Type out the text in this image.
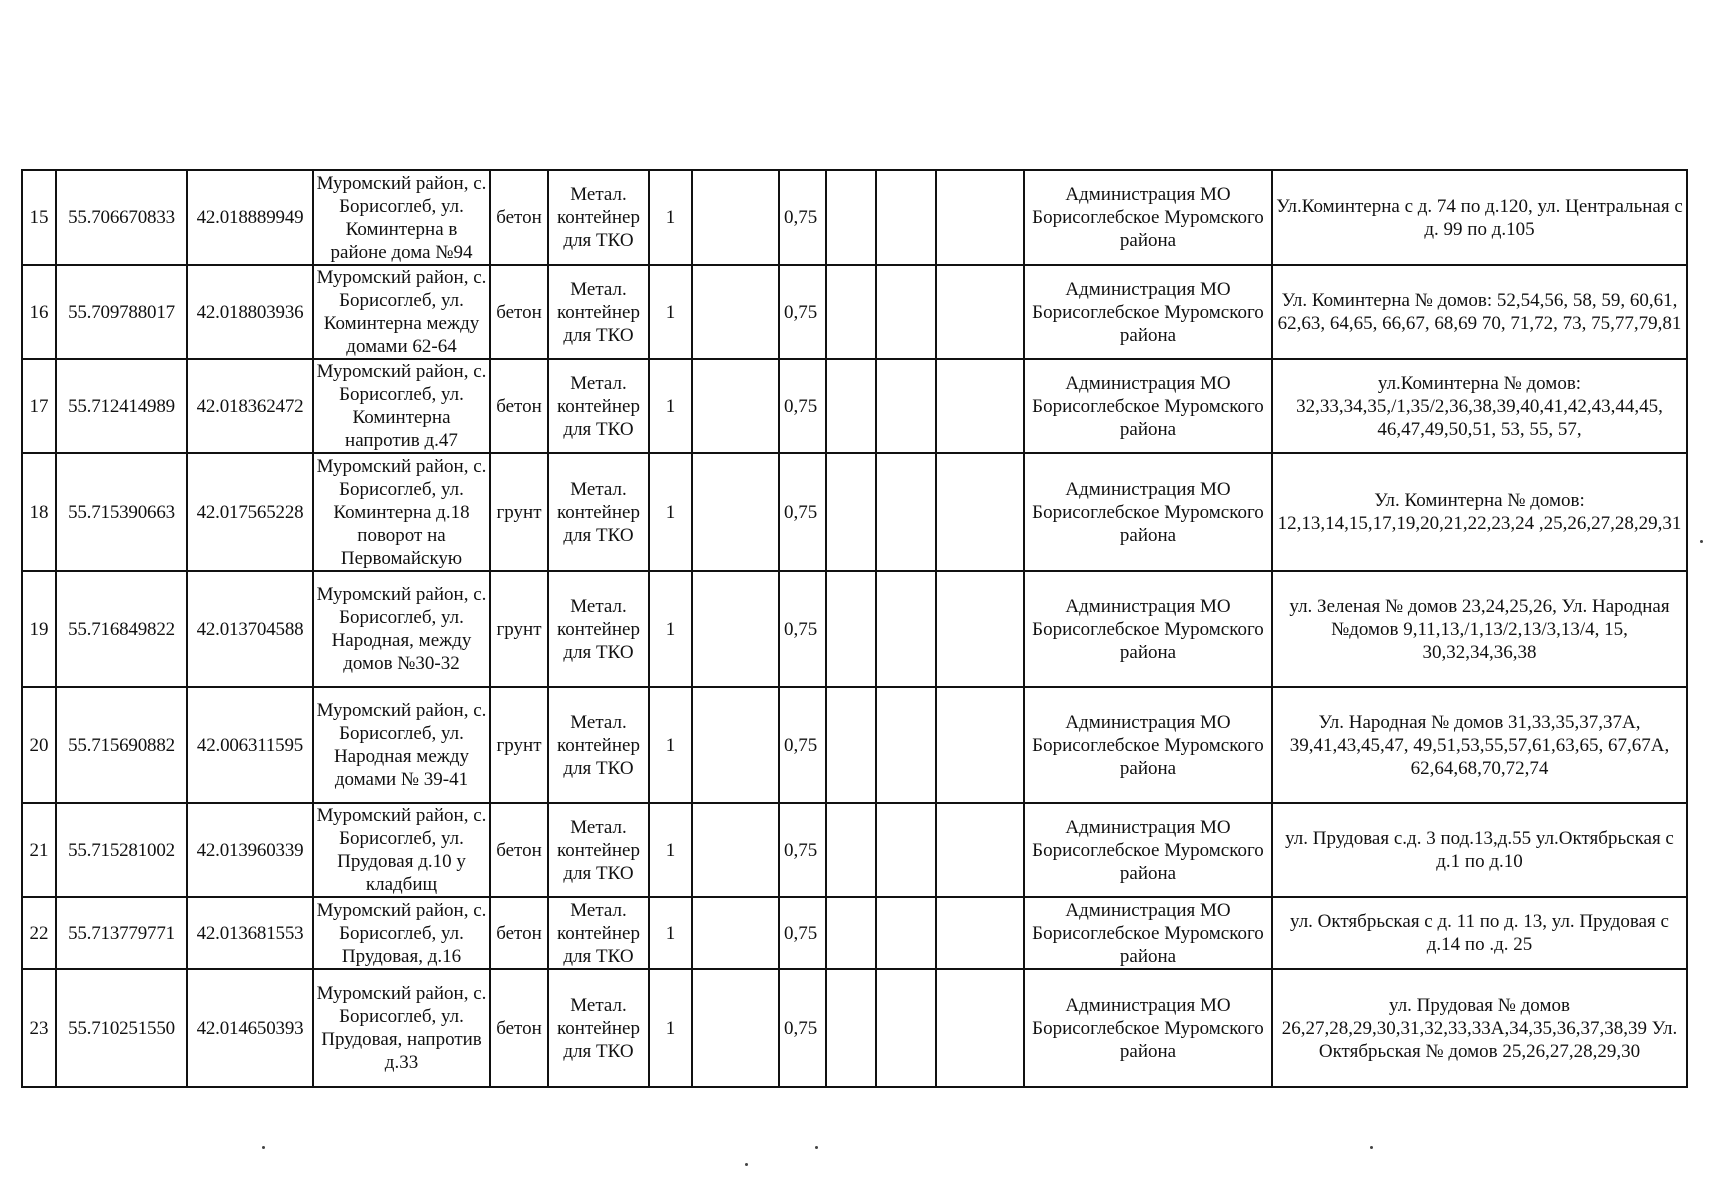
15	55.706670833	42.018889949	Муромский район, с. Борисоглеб, ул. Коминтерна в районе дома №94	бетон	Метал. контейнер для ТКО	1		0,75				Администрация МО Борисоглебское Муромского района	Ул.Коминтерна с д. 74 по д.120, ул. Центральная с д. 99 по д.105
16	55.709788017	42.018803936	Муромский район, с. Борисоглеб, ул. Коминтерна между домами 62-64	бетон	Метал. контейнер для ТКО	1		0,75				Администрация МО Борисоглебское Муромского района	Ул. Коминтерна № домов: 52,54,56, 58, 59, 60,61, 62,63, 64,65, 66,67, 68,69 70, 71,72, 73, 75,77,79,81
17	55.712414989	42.018362472	Муромский район, с. Борисоглеб, ул. Коминтерна напротив д.47	бетон	Метал. контейнер для ТКО	1		0,75				Администрация МО Борисоглебское Муромского района	ул.Коминтерна № домов: 32,33,34,35,/1,35/2,36,38,39,40,41,42,43,44,45, 46,47,49,50,51, 53, 55, 57,
18	55.715390663	42.017565228	Муромский район, с. Борисоглеб, ул. Коминтерна д.18 поворот на Первомайскую	грунт	Метал. контейнер для ТКО	1		0,75				Администрация МО Борисоглебское Муромского района	Ул. Коминтерна № домов: 12,13,14,15,17,19,20,21,22,23,24 ,25,26,27,28,29,31
19	55.716849822	42.013704588	Муромский район, с. Борисоглеб, ул. Народная, между домов №30-32	грунт	Метал. контейнер для ТКО	1		0,75				Администрация МО Борисоглебское Муромского района	ул. Зеленая № домов 23,24,25,26, Ул. Народная №домов 9,11,13,/1,13/2,13/3,13/4, 15, 30,32,34,36,38
20	55.715690882	42.006311595	Муромский район, с. Борисоглеб, ул. Народная между домами № 39-41	грунт	Метал. контейнер для ТКО	1		0,75				Администрация МО Борисоглебское Муромского района	Ул. Народная № домов 31,33,35,37,37А, 39,41,43,45,47, 49,51,53,55,57,61,63,65, 67,67А, 62,64,68,70,72,74
21	55.715281002	42.013960339	Муромский район, с. Борисоглеб, ул. Прудовая д.10 у кладбищ	бетон	Метал. контейнер для ТКО	1		0,75				Администрация МО Борисоглебское Муромского района	ул. Прудовая с.д. 3 под.13,д.55 ул.Октябрьская с д.1 по д.10
22	55.713779771	42.013681553	Муромский район, с. Борисоглеб, ул. Прудовая, д.16	бетон	Метал. контейнер для ТКО	1		0,75				Администрация МО Борисоглебское Муромского района	ул. Октябрьская с д. 11 по д. 13, ул. Прудовая с д.14 по .д. 25
23	55.710251550	42.014650393	Муромский район, с. Борисоглеб, ул. Прудовая, напротив д.33	бетон	Метал. контейнер для ТКО	1		0,75				Администрация МО Борисоглебское Муромского района	ул. Прудовая № домов 26,27,28,29,30,31,32,33,33А,34,35,36,37,38,39 Ул. Октябрьская № домов 25,26,27,28,29,30
